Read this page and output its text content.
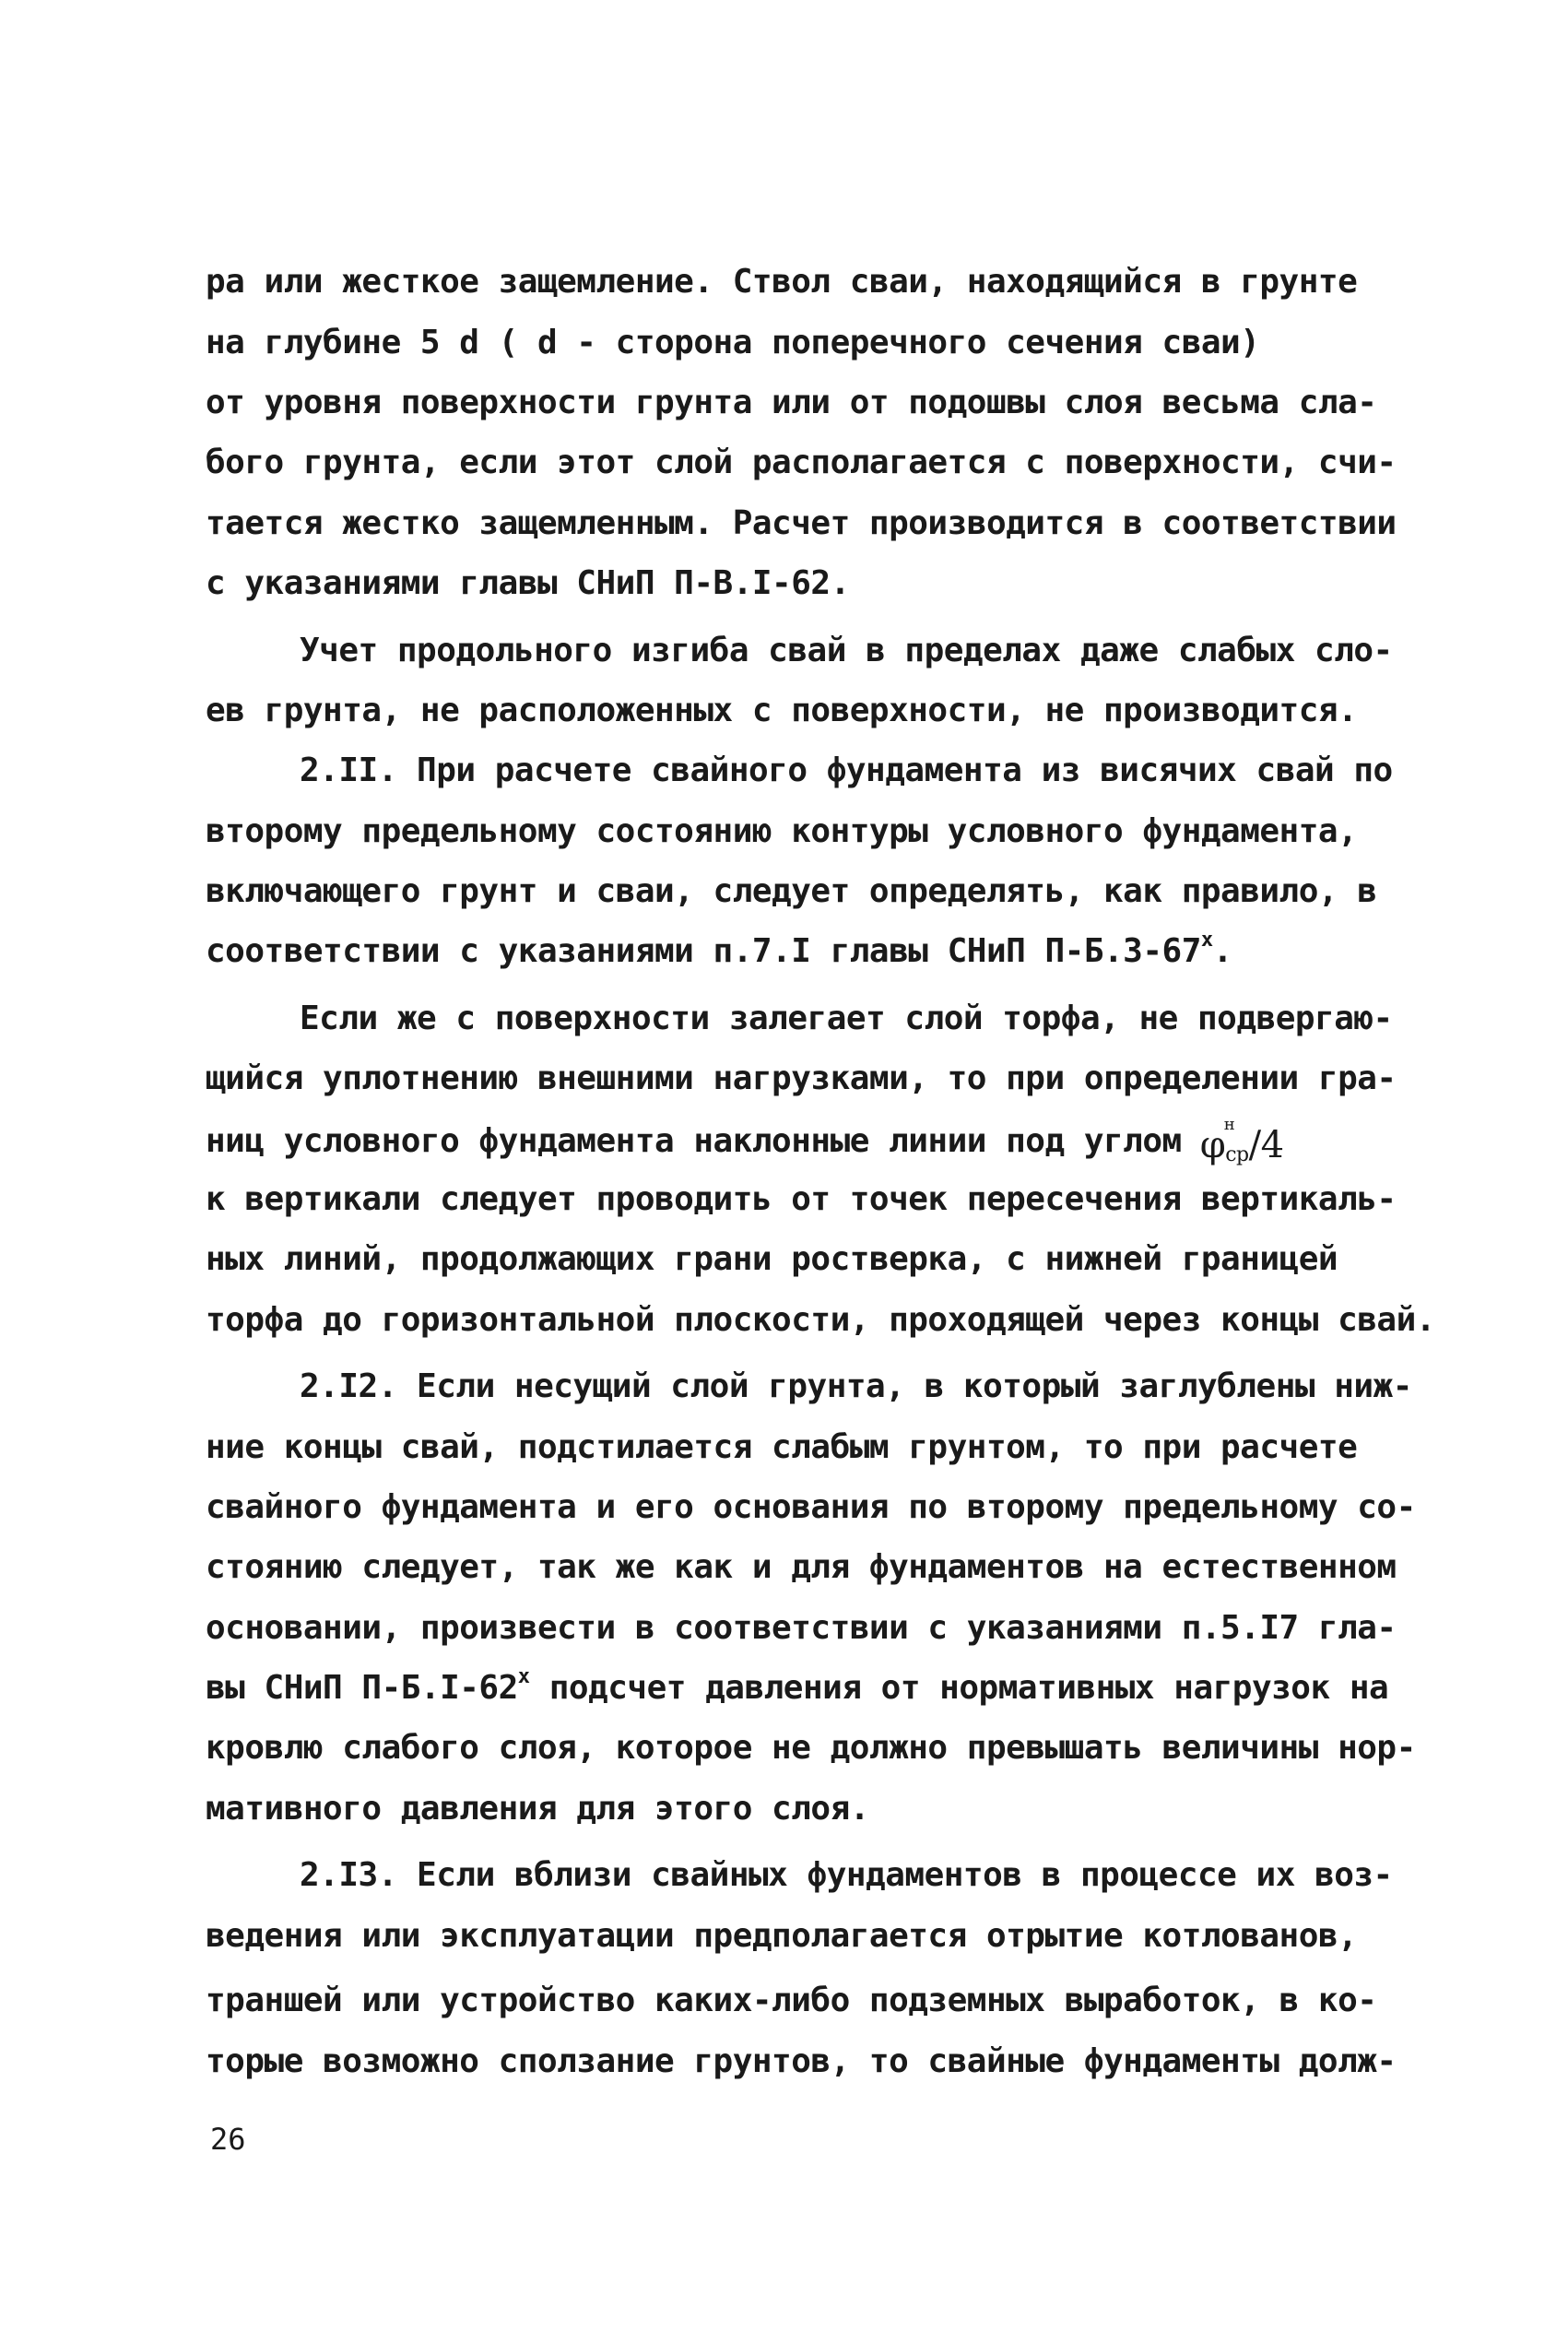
ра или жесткое защемление. Ствол сваи, находящийся в грунте
на глубине 5 d ( d - сторона поперечного сечения сваи)
от уровня поверхности грунта или от подошвы слоя весьма сла-
бого грунта, если этот слой располагается с поверхности, счи-
тается жестко защемленным. Расчет производится в соответствии
с указаниями главы СНиП П-В.I-62.
Учет продольного изгиба свай в пределах даже слабых сло-
ев грунта, не расположенных с поверхности, не производится.
2.II. При расчете свайного фундамента из висячих свай по
второму предельному состоянию контуры условного фундамента,
включающего грунт и сваи, следует определять, как правило, в
соответствии с указаниями п.7.I главы СНиП П-Б.3-67$^x$.
Если же с поверхности залегает слой торфа, не подвергаю-
щийся уплотнению внешними нагрузками, то при определении гра-
ниц условного фундамента наклонные линии под углом φ
н
ср/4
к вертикали следует проводить от точек пересечения вертикаль-
ных линий, продолжающих грани ростверка, с нижней границей
торфа до горизонтальной плоскости, проходящей через концы свай.
2.I2. Если несущий слой грунта, в который заглублены ниж-
ние концы свай, подстилается слабым грунтом, то при расчете
свайного фундамента и его основания по второму предельному со-
стоянию следует, так же как и для фундаментов на естественном
основании, произвести в соответствии с указаниями п.5.I7 гла-
вы СНиП П-Б.I-62$^x$ подсчет давления от нормативных нагрузок на
кровлю слабого слоя, которое не должно превышать величины нор-
мативного давления для этого слоя.
2.I3. Если вблизи свайных фундаментов в процессе их воз-
ведения или эксплуатации предполагается отрытие котлованов,
траншей или устройство каких-либо подземных выработок, в ко-
торые возможно сползание грунтов, то свайные фундаменты долж-
26
